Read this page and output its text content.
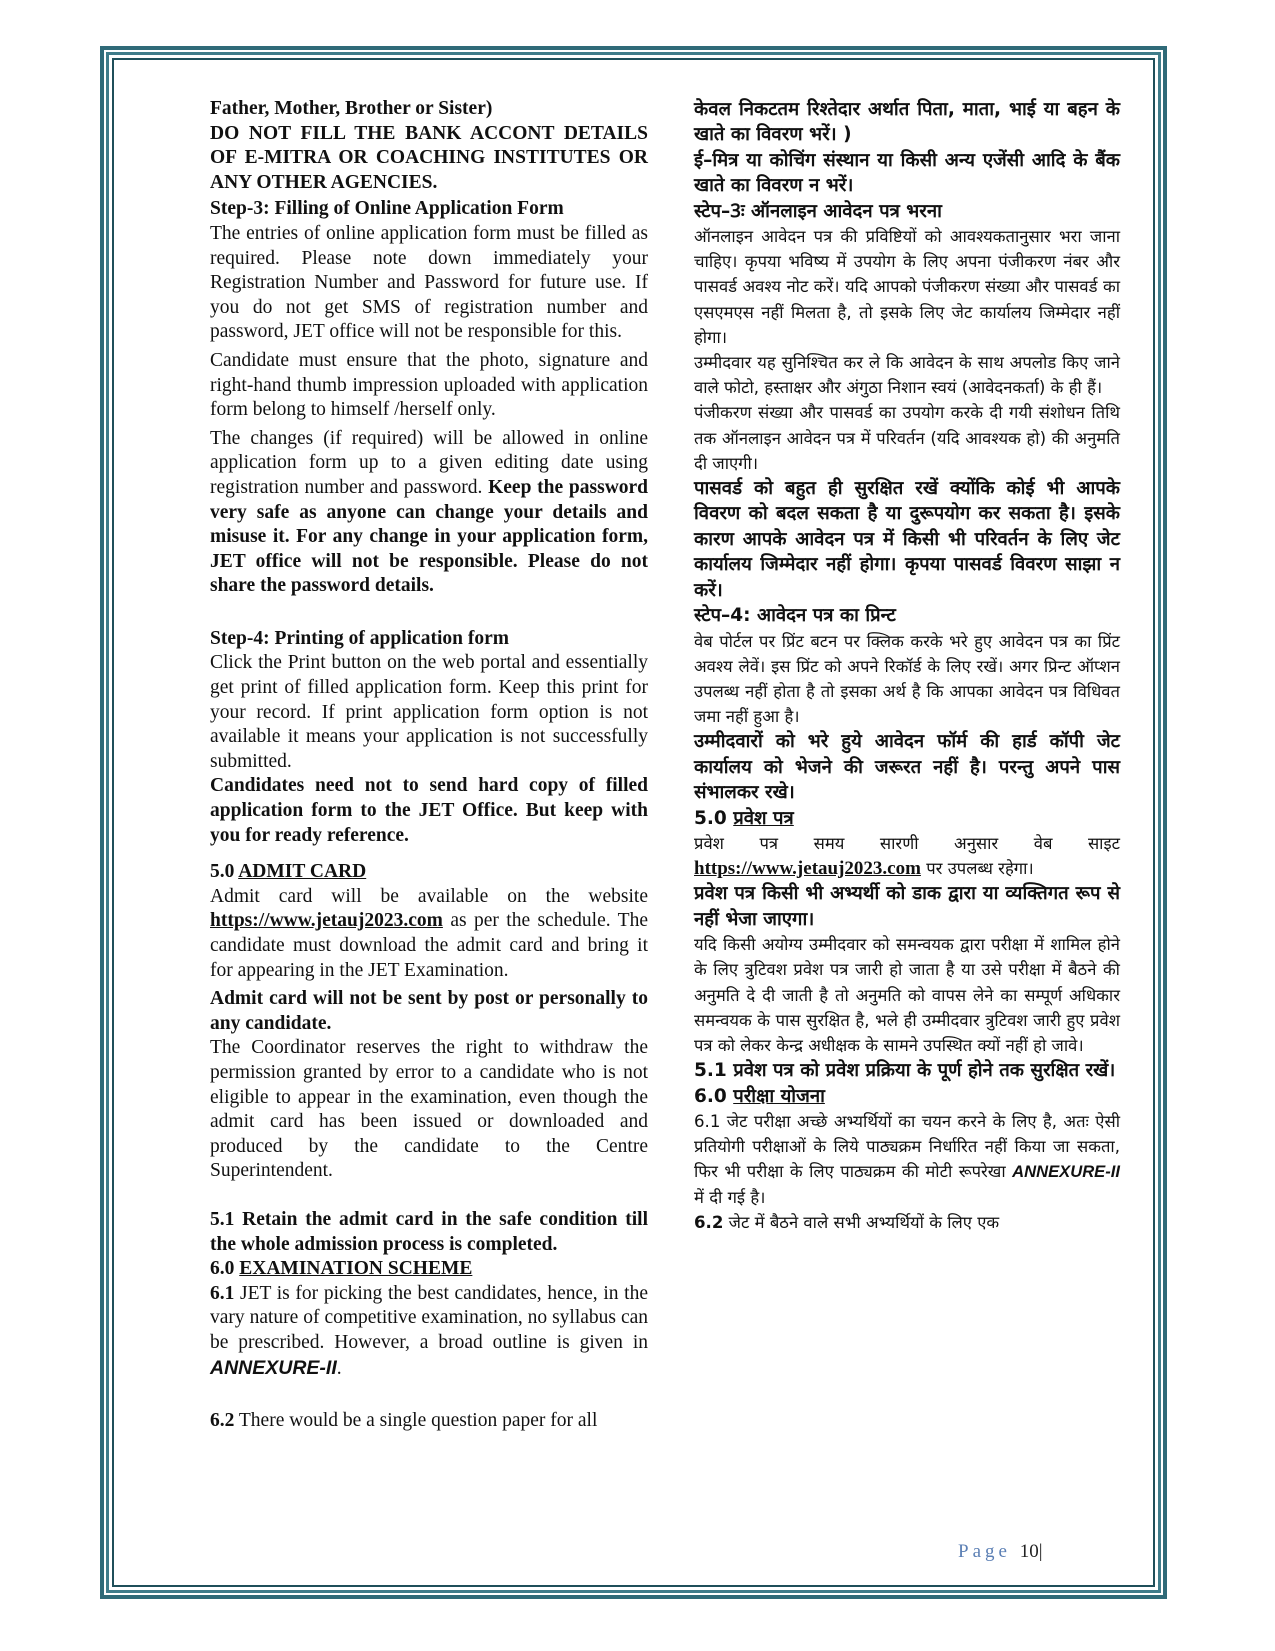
Father, Mother, Brother or Sister)

DO NOT FILL THE BANK ACCONT DETAILS OF E-MITRA OR COACHING INSTITUTES OR ANY OTHER AGENCIES.

Step-3: Filling of Online Application Form

The entries of online application form must be filled as required. Please note down immediately your Registration Number and Password for future use. If you do not get SMS of registration number and password, JET office will not be responsible for this.

Candidate must ensure that the photo, signature and right-hand thumb impression uploaded with application form belong to himself /herself only.

The changes (if required) will be allowed in online application form up to a given editing date using registration number and password. Keep the password very safe as anyone can change your details and misuse it. For any change in your application form, JET office will not be responsible. Please do not share the password details.

Step-4: Printing of application form

Click the Print button on the web portal and essentially get print of filled application form. Keep this print for your record. If print application form option is not available it means your application is not successfully submitted.

Candidates need not to send hard copy of filled application form to the JET Office. But keep with you for ready reference.

5.0 ADMIT CARD

Admit card will be available on the website https://www.jetauj2023.com as per the schedule. The candidate must download the admit card and bring it for appearing in the JET Examination.

Admit card will not be sent by post or personally to any candidate.

The Coordinator reserves the right to withdraw the permission granted by error to a candidate who is not eligible to appear in the examination, even though the admit card has been issued or downloaded and produced by the candidate to the Centre Superintendent.

5.1 Retain the admit card in the safe condition till the whole admission process is completed.

6.0 EXAMINATION SCHEME

6.1 JET is for picking the best candidates, hence, in the vary nature of competitive examination, no syllabus can be prescribed. However, a broad outline is given in ANNEXURE-II.

6.2 There would be a single question paper for all

केवल निकटतम रिश्तेदार अर्थात पिता, माता, भाई या बहन के खाते का विवरण भरें। )

ई–मित्र या कोचिंग संस्थान या किसी अन्य एजेंसी आदि के बैंक खाते का विवरण न भरें।

स्टेप–3ः ऑनलाइन आवेदन पत्र भरना

ऑनलाइन आवेदन पत्र की प्रविष्टियों को आवश्यकतानुसार भरा जाना चाहिए। कृपया भविष्य में उपयोग के लिए अपना पंजीकरण नंबर और पासवर्ड अवश्य नोट करें। यदि आपको पंजीकरण संख्या और पासवर्ड का एसएमएस नहीं मिलता है, तो इसके लिए जेट कार्यालय जिम्मेदार नहीं होगा।

उम्मीदवार यह सुनिश्चित कर ले कि आवेदन के साथ अपलोड किए जाने वाले फोटो, हस्ताक्षर और अंगुठा निशान स्वयं (आवेदनकर्ता) के ही हैं।

पंजीकरण संख्या और पासवर्ड का उपयोग करके दी गयी संशोधन तिथि तक ऑनलाइन आवेदन पत्र में परिवर्तन (यदि आवश्यक हो) की अनुमति दी जाएगी।

पासवर्ड को बहुत ही सुरक्षित रखें क्योंकि कोई भी आपके विवरण को बदल सकता है या दुरूपयोग कर सकता है। इसके कारण आपके आवेदन पत्र में किसी भी परिवर्तन के लिए जेट कार्यालय जिम्मेदार नहीं होगा। कृपया पासवर्ड विवरण साझा न करें।

स्टेप–4: आवेदन पत्र का प्रिन्ट

वेब पोर्टल पर प्रिंट बटन पर क्लिक करके भरे हुए आवेदन पत्र का प्रिंट अवश्य लेवें। इस प्रिंट को अपने रिकॉर्ड के लिए रखें। अगर प्रिन्ट ऑप्शन उपलब्ध नहीं होता है तो इसका अर्थ है कि आपका आवेदन पत्र विधिवत जमा नहीं हुआ है।

उम्मीदवारों को भरे हुये आवेदन फॉर्म की हार्ड कॉपी जेट कार्यालय को भेजने की जरूरत नहीं है। परन्तु अपने पास संभालकर रखे।

5.0 प्रवेश पत्र

प्रवेश पत्र समय सारणी अनुसार वेब साइट https://www.jetauj2023.com पर उपलब्ध रहेगा।

प्रवेश पत्र किसी भी अभ्यर्थी को डाक द्वारा या व्यक्तिगत रूप से नहीं भेजा जाएगा।

यदि किसी अयोग्य उम्मीदवार को समन्वयक द्वारा परीक्षा में शामिल होने के लिए त्रुटिवश प्रवेश पत्र जारी हो जाता है या उसे परीक्षा में बैठने की अनुमति दे दी जाती है तो अनुमति को वापस लेने का सम्पूर्ण अधिकार समन्वयक के पास सुरक्षित है, भले ही उम्मीदवार त्रुटिवश जारी हुए प्रवेश पत्र को लेकर केन्द्र अधीक्षक के सामने उपस्थित क्यों नहीं हो जावे।

5.1 प्रवेश पत्र को प्रवेश प्रक्रिया के पूर्ण होने तक सुरक्षित रखें।

6.0 परीक्षा योजना

6.1 जेट परीक्षा अच्छे अभ्यर्थियों का चयन करने के लिए है, अतः ऐसी प्रतियोगी परीक्षाओं के लिये पाठ्यक्रम निर्धारित नहीं किया जा सकता, फिर भी परीक्षा के लिए पाठ्यक्रम की मोटी रूपरेखा ANNEXURE-II में दी गई है।

6.2 जेट में बैठने वाले सभी अभ्यर्थियों के लिए एक

Page 10|
